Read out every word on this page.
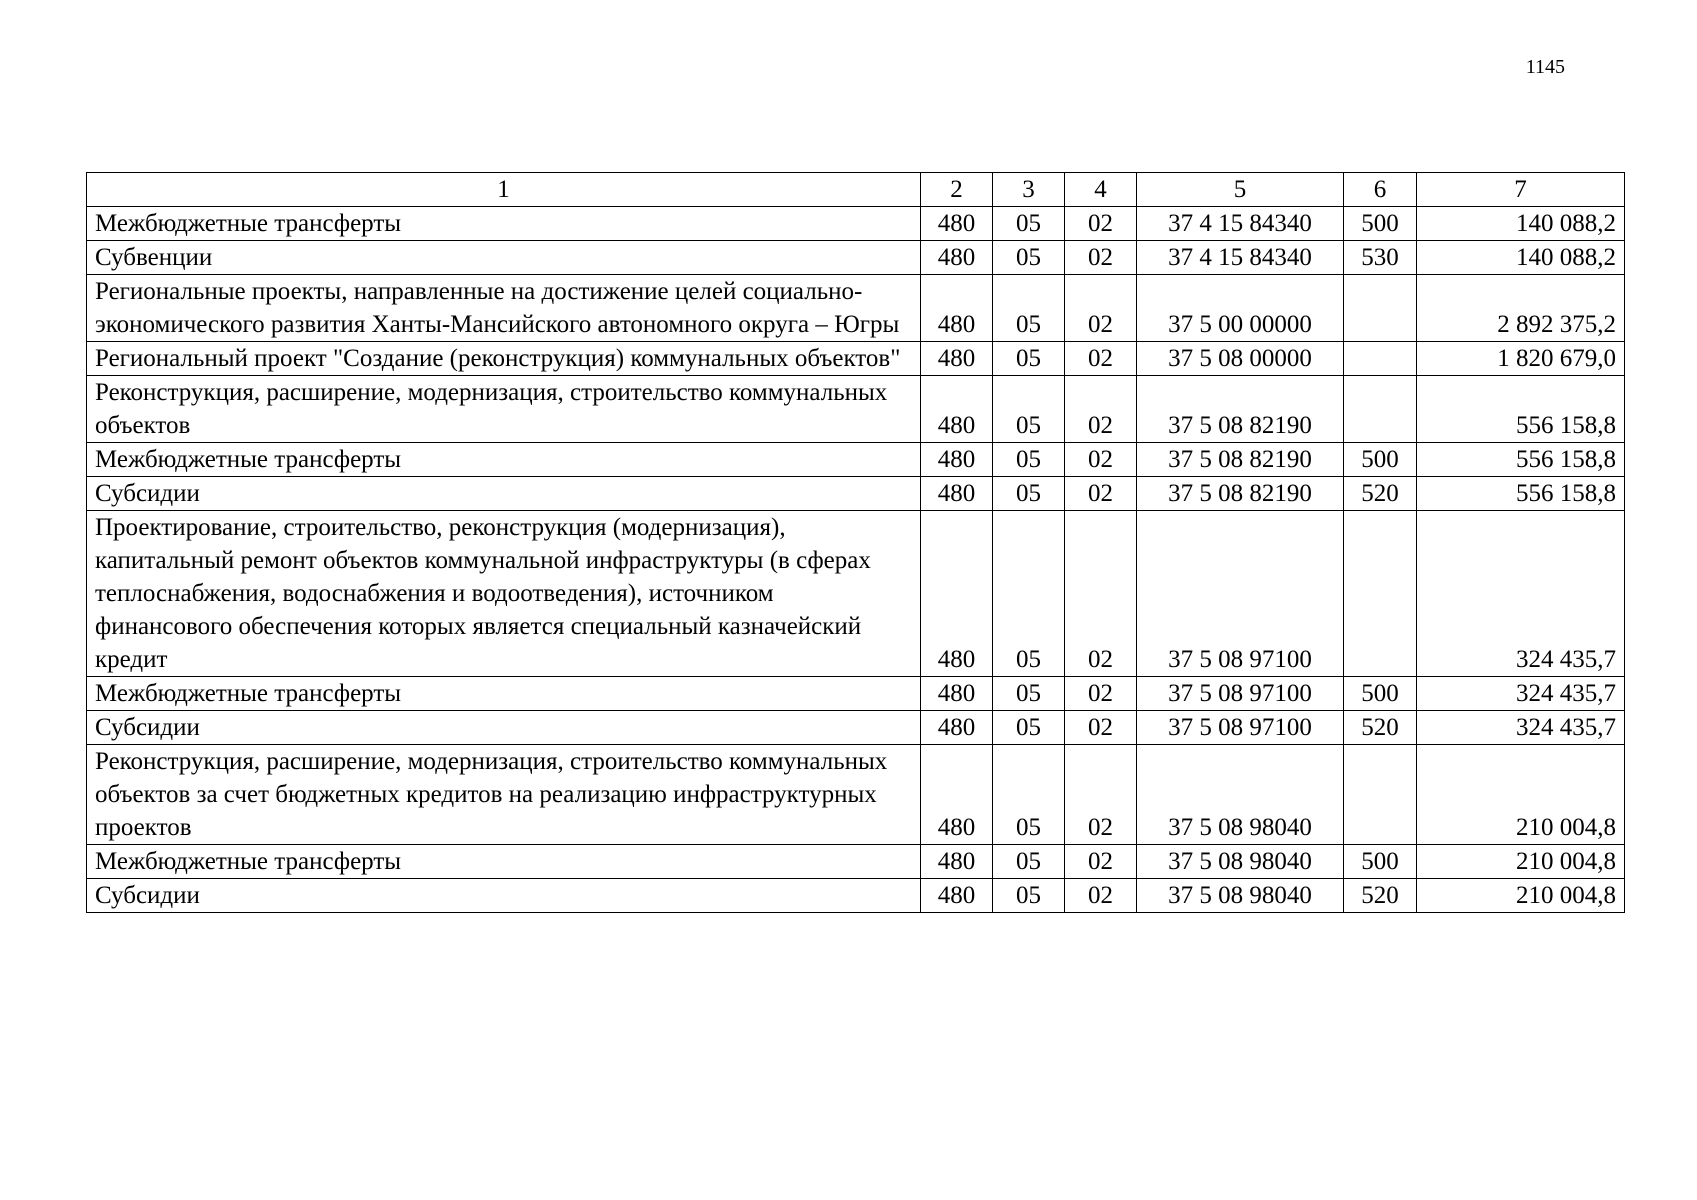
1145
1	2	3	4	5	6	7
Межбюджетные трансферты	480	05	02	37 4 15 84340	500	140 088,2
Субвенции	480	05	02	37 4 15 84340	530	140 088,2
Региональные проекты, направленные на достижение целей социально-экономического развития Ханты-Мансийского автономного округа – Югры	480	05	02	37 5 00 00000		2 892 375,2
Региональный проект "Создание (реконструкция) коммунальных объектов"	480	05	02	37 5 08 00000		1 820 679,0
Реконструкция, расширение, модернизация, строительство коммунальных объектов	480	05	02	37 5 08 82190		556 158,8
Межбюджетные трансферты	480	05	02	37 5 08 82190	500	556 158,8
Субсидии	480	05	02	37 5 08 82190	520	556 158,8
Проектирование, строительство, реконструкция (модернизация), капитальный ремонт объектов коммунальной инфраструктуры (в сферах теплоснабжения, водоснабжения и водоотведения), источником финансового обеспечения которых является специальный казначейский кредит	480	05	02	37 5 08 97100		324 435,7
Межбюджетные трансферты	480	05	02	37 5 08 97100	500	324 435,7
Субсидии	480	05	02	37 5 08 97100	520	324 435,7
Реконструкция, расширение, модернизация, строительство коммунальных объектов за счет бюджетных кредитов на реализацию инфраструктурных проектов	480	05	02	37 5 08 98040		210 004,8
Межбюджетные трансферты	480	05	02	37 5 08 98040	500	210 004,8
Субсидии	480	05	02	37 5 08 98040	520	210 004,8
